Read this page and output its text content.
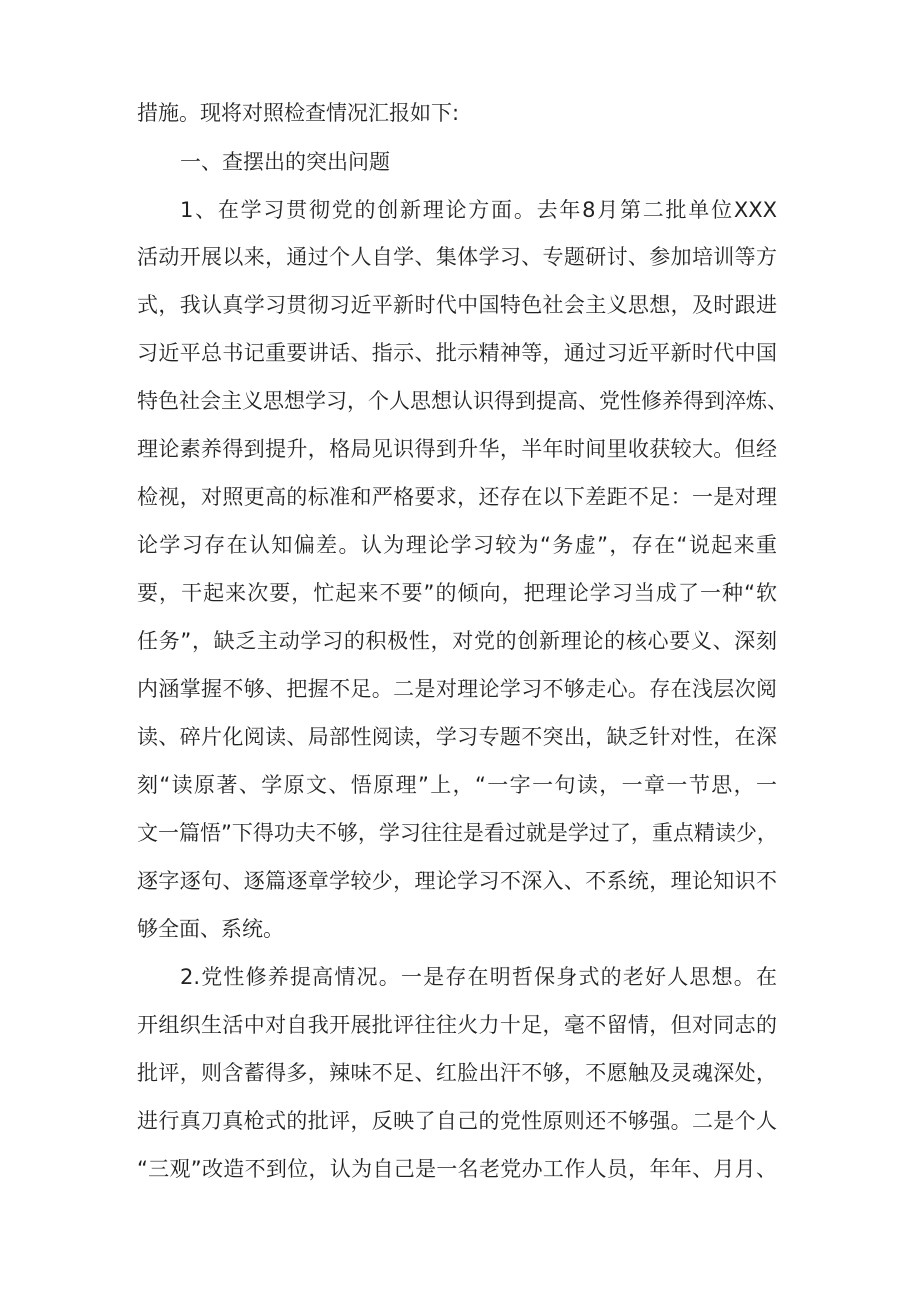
措施。现将对照检查情况汇报如下:
一、查摆出的突出问题
1、在学习贯彻党的创新理论方面。去年8月第二批单位XXX
活动开展以来，通过个人自学、集体学习、专题研讨、参加培训等方
式，我认真学习贯彻习近平新时代中国特色社会主义思想，及时跟进
习近平总书记重要讲话、指示、批示精神等，通过习近平新时代中国
特色社会主义思想学习，个人思想认识得到提高、党性修养得到淬炼、
理论素养得到提升，格局见识得到升华，半年时间里收获较大。但经
检视，对照更高的标准和严格要求，还存在以下差距不足：一是对理
论学习存在认知偏差。认为理论学习较为“务虚”，存在“说起来重
要，干起来次要，忙起来不要”的倾向，把理论学习当成了一种“软
任务”，缺乏主动学习的积极性，对党的创新理论的核心要义、深刻
内涵掌握不够、把握不足。二是对理论学习不够走心。存在浅层次阅
读、碎片化阅读、局部性阅读，学习专题不突出，缺乏针对性，在深
刻“读原著、学原文、悟原理”上，“一字一句读，一章一节思，一
文一篇悟”下得功夫不够，学习往往是看过就是学过了，重点精读少，
逐字逐句、逐篇逐章学较少，理论学习不深入、不系统，理论知识不
够全面、系统。
2.党性修养提高情况。一是存在明哲保身式的老好人思想。在
开组织生活中对自我开展批评往往火力十足，毫不留情，但对同志的
批评，则含蓄得多，辣味不足、红脸出汗不够，不愿触及灵魂深处，
进行真刀真枪式的批评，反映了自己的党性原则还不够强。二是个人
“三观”改造不到位，认为自己是一名老党办工作人员，年年、月月、
